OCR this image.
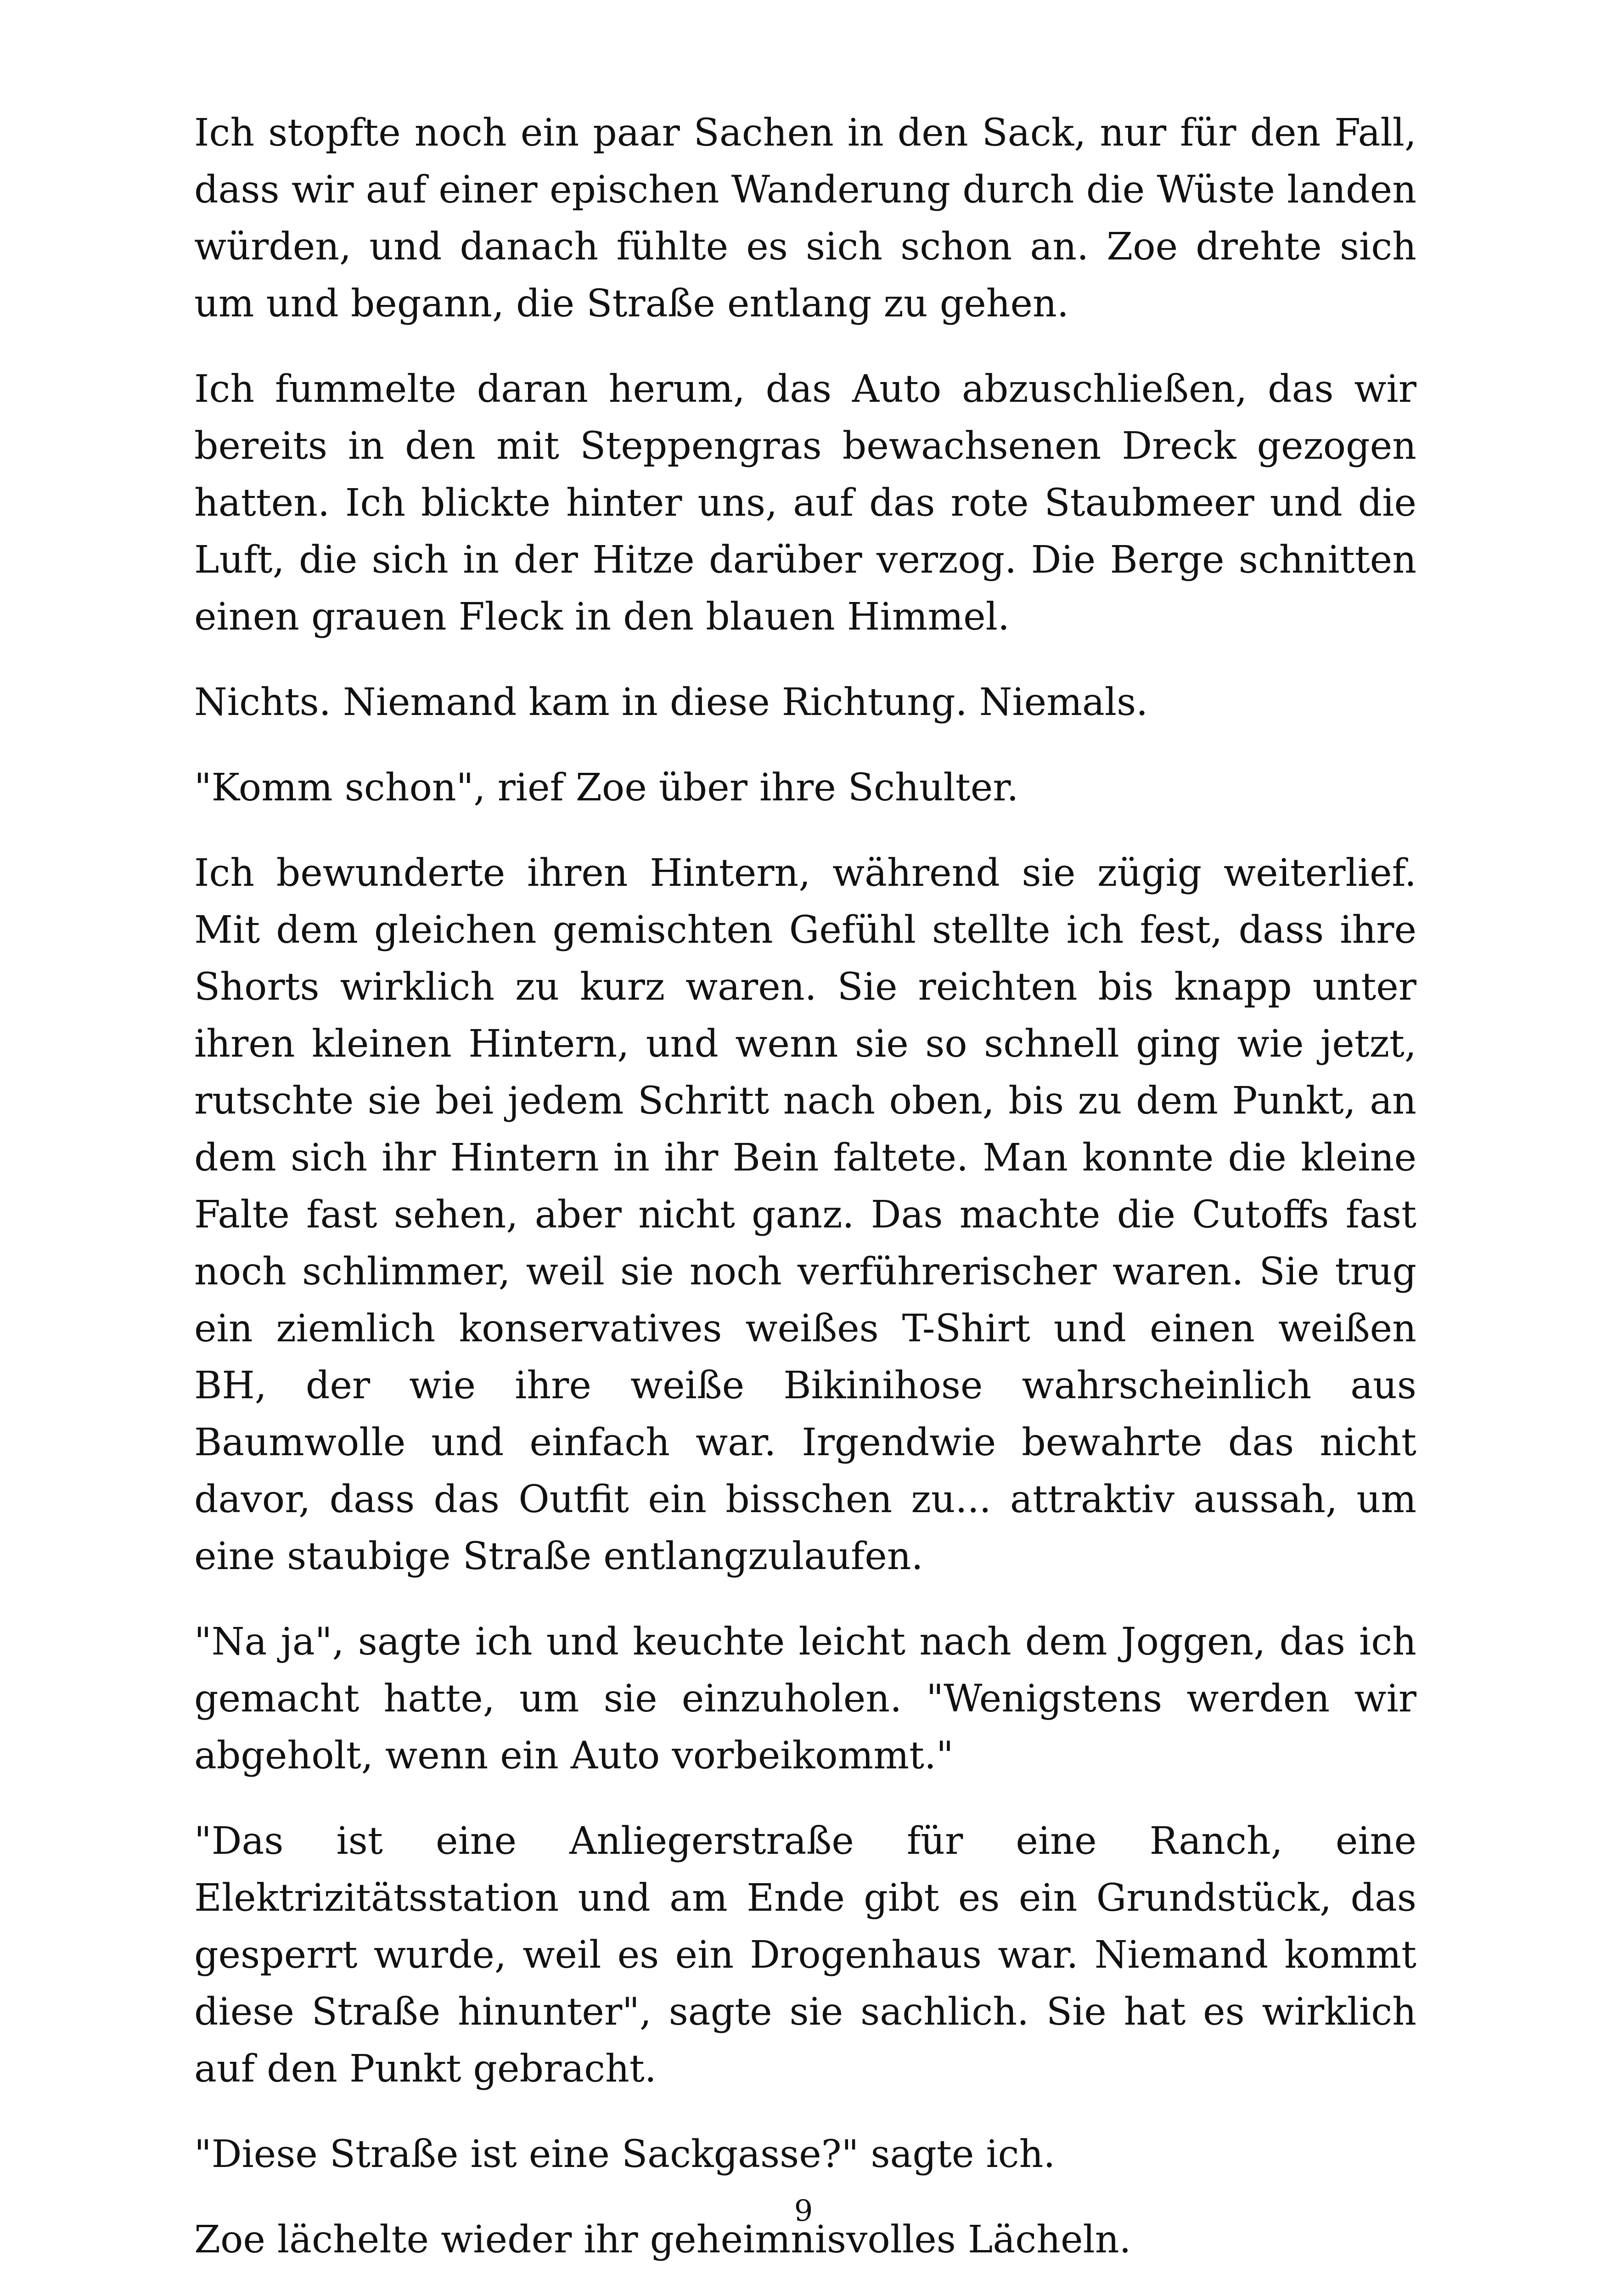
Ich stopfte noch ein paar Sachen in den Sack, nur für den Fall, dass wir auf einer epischen Wanderung durch die Wüste landen würden, und danach fühlte es sich schon an. Zoe drehte sich um und begann, die Straße entlang zu gehen.

Ich fummelte daran herum, das Auto abzuschließen, das wir bereits in den mit Steppengras bewachsenen Dreck gezogen hatten. Ich blickte hinter uns, auf das rote Staubmeer und die Luft, die sich in der Hitze darüber verzog. Die Berge schnitten einen grauen Fleck in den blauen Himmel.

Nichts. Niemand kam in diese Richtung. Niemals.

"Komm schon", rief Zoe über ihre Schulter.

Ich bewunderte ihren Hintern, während sie zügig weiterlief. Mit dem gleichen gemischten Gefühl stellte ich fest, dass ihre Shorts wirklich zu kurz waren. Sie reichten bis knapp unter ihren kleinen Hintern, und wenn sie so schnell ging wie jetzt, rutschte sie bei jedem Schritt nach oben, bis zu dem Punkt, an dem sich ihr Hintern in ihr Bein faltete. Man konnte die kleine Falte fast sehen, aber nicht ganz. Das machte die Cutoffs fast noch schlimmer, weil sie noch verführerischer waren. Sie trug ein ziemlich konservatives weißes T-Shirt und einen weißen BH, der wie ihre weiße Bikinihose wahrscheinlich aus Baumwolle und einfach war. Irgendwie bewahrte das nicht davor, dass das Outfit ein bisschen zu... attraktiv aussah, um eine staubige Straße entlangzulaufen.

"Na ja", sagte ich und keuchte leicht nach dem Joggen, das ich gemacht hatte, um sie einzuholen. "Wenigstens werden wir abgeholt, wenn ein Auto vorbeikommt."

"Das ist eine Anliegerstraße für eine Ranch, eine Elektrizitätsstation und am Ende gibt es ein Grundstück, das gesperrt wurde, weil es ein Drogenhaus war. Niemand kommt diese Straße hinunter", sagte sie sachlich. Sie hat es wirklich auf den Punkt gebracht.

"Diese Straße ist eine Sackgasse?" sagte ich.

Zoe lächelte wieder ihr geheimnisvolles Lächeln.

9
